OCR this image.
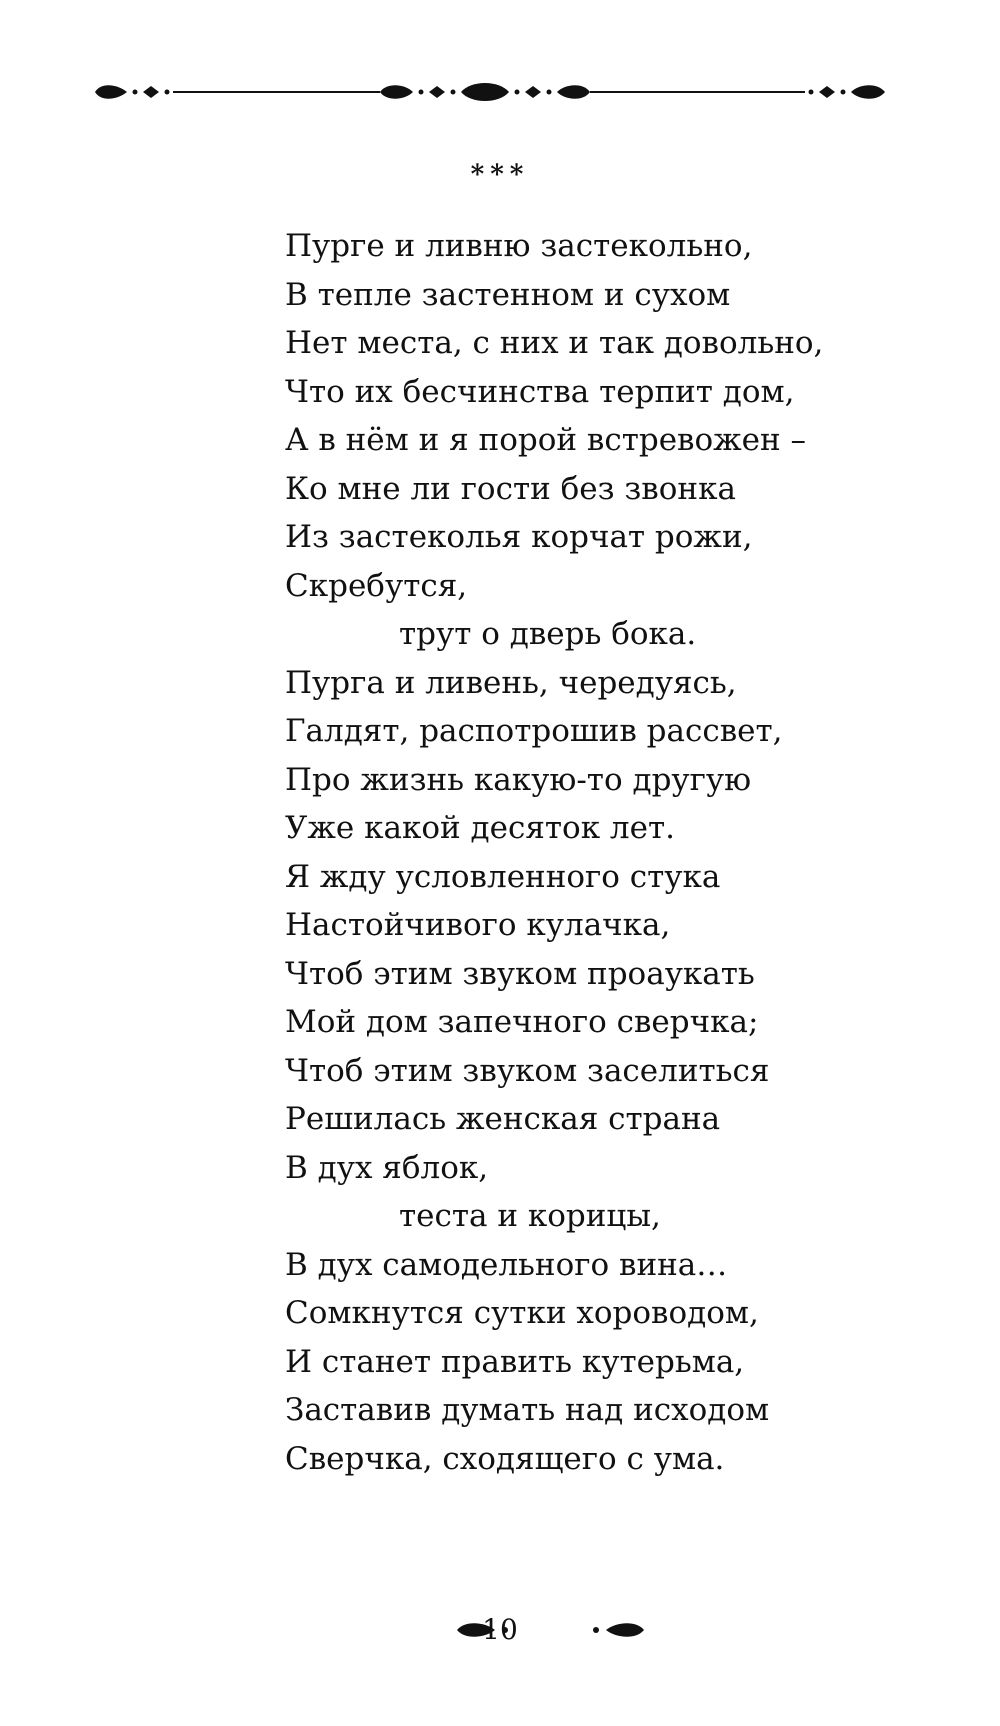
***
Пурге и ливню застекольно,
В тепле застенном и сухом
Нет места, с них и так довольно,
Что их бесчинства терпит дом,
А в нём и я порой встревожен –
Ко мне ли гости без звонка
Из застеколья корчат рожи,
Скребутся,
трут о дверь бока.
Пурга и ливень, чередуясь,
Галдят, распотрошив рассвет,
Про жизнь какую-то другую
Уже какой десяток лет.
Я жду условленного стука
Настойчивого кулачка,
Чтоб этим звуком проаукать
Мой дом запечного сверчка;
Чтоб этим звуком заселиться
Решилась женская страна
В дух яблок,
теста и корицы,
В дух самодельного вина…
Сомкнутся сутки хороводом,
И станет править кутерьма,
Заставив думать над исходом
Сверчка, сходящего с ума.
10
